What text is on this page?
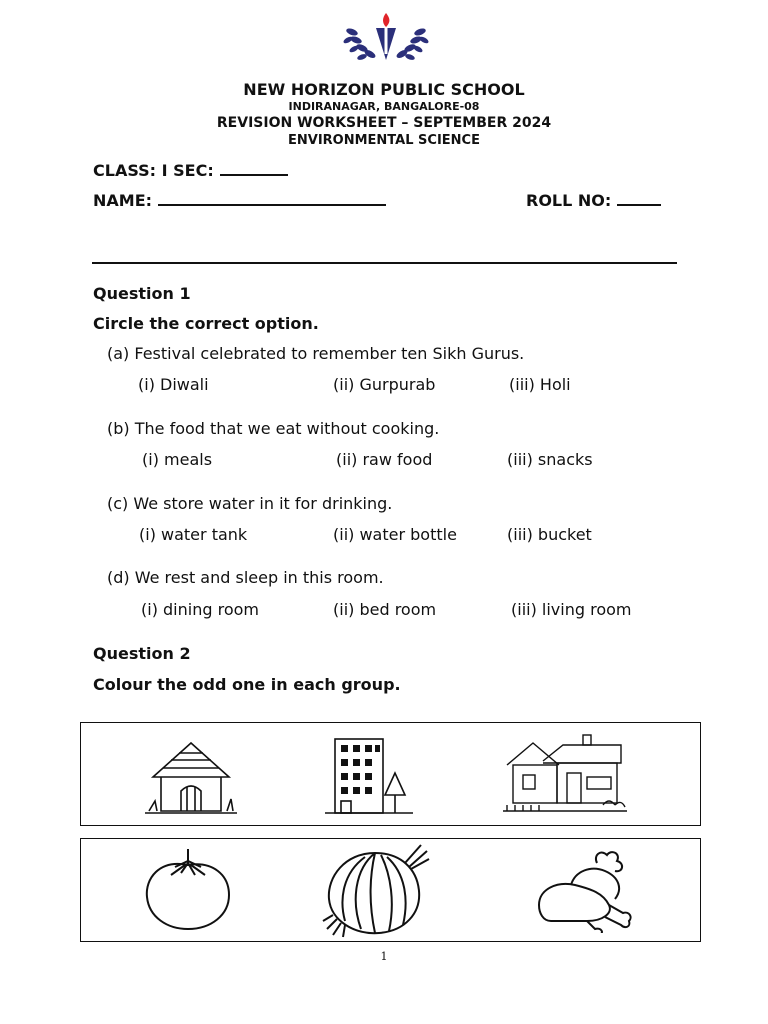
NEW HORIZON PUBLIC SCHOOL
INDIRANAGAR, BANGALORE-08
REVISION WORKSHEET – SEPTEMBER 2024
ENVIRONMENTAL SCIENCE
CLASS: I SEC:
NAME:	ROLL NO:
Question 1
Circle the correct option.
(a) Festival celebrated to remember ten Sikh Gurus.
(i) Diwali	(ii) Gurpurab	(iii) Holi
(b) The food that we eat without cooking.
(i) meals	(ii) raw food	(iii) snacks
(c) We store water in it for drinking.
(i) water tank	(ii) water bottle	(iii) bucket
(d) We rest and sleep in this room.
(i) dining room	(ii) bed room	(iii) living room
Question 2
Colour the odd one in each group.
1
